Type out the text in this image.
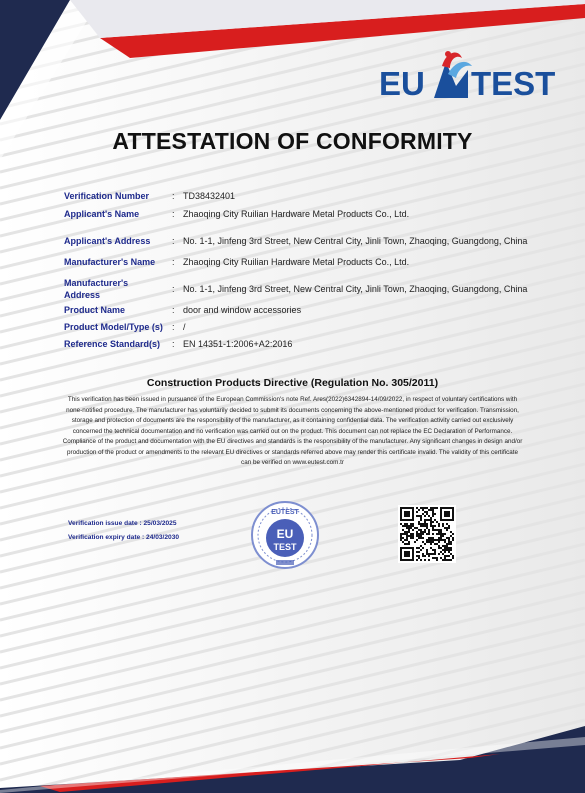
EU TEST
ATTESTATION OF CONFORMITY
Verification Number	: TD38432401
Applicant's Name	: Zhaoqing City Ruilian Hardware Metal Products Co., Ltd.
Applicant's Address	: No. 1-1, Jinfeng 3rd Street, New Central City, Jinli Town, Zhaoqing, Guangdong, China
Manufacturer's Name	: Zhaoqing City Ruilian Hardware Metal Products Co., Ltd.
Manufacturer's Address
: No. 1-1, Jinfeng 3rd Street, New Central City, Jinli Town, Zhaoqing, Guangdong, China
Product Name	: door and window accessories
Product Model/Type (s)	: /
Reference Standard(s)	: EN 14351-1:2006+A2:2016
Construction Products Directive (Regulation No. 305/2011)
This verification has been issued in pursuance of the European Commission's note Ref. Ares(2022)6342894-14/09/2022, in respect of voluntary certifications with none-notified procedure. The manufacturer has voluntarily decided to submit its documents concerning the above-mentioned product for verification. Transmission, storage and protection of documents are the responsibility of the manufacturer, as it containing confidential data. The verification activity carried out exclusively concerned the technical documentation and no verification was carried out on the product. This document can not replace the EC Declaration of Performance. Compliance of the product and documentation with the EU directives and standards is the responsibility of the manufacturer. Any significant changes in design and/or production of the product or amendments to the relevant EU directives or standards referred above may render this certificate invalid. The validity of this certificate can be verified on www.eutest.com.tr
Verification issue date : 25/03/2025
Verification expiry date : 24/03/2030
EUTEST
EU
TEST
